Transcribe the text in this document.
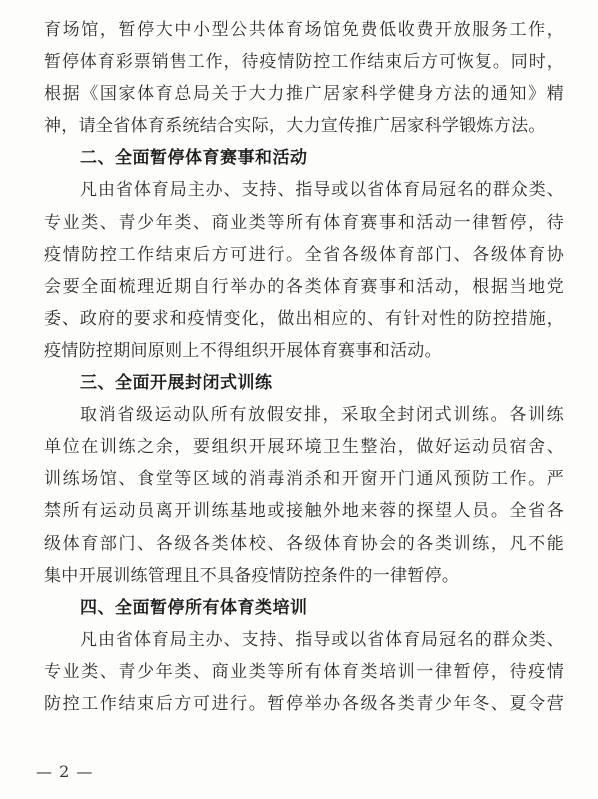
育场馆，暂停大中小型公共体育场馆免费低收费开放服务工作，
暂停体育彩票销售工作，待疫情防控工作结束后方可恢复。同时，
根据《国家体育总局关于大力推广居家科学健身方法的通知》精
神，请全省体育系统结合实际，大力宣传推广居家科学锻炼方法。
二、全面暂停体育赛事和活动
凡由省体育局主办、支持、指导或以省体育局冠名的群众类、
专业类、青少年类、商业类等所有体育赛事和活动一律暂停，待
疫情防控工作结束后方可进行。全省各级体育部门、各级体育协
会要全面梳理近期自行举办的各类体育赛事和活动，根据当地党
委、政府的要求和疫情变化，做出相应的、有针对性的防控措施，
疫情防控期间原则上不得组织开展体育赛事和活动。
三、全面开展封闭式训练
取消省级运动队所有放假安排，采取全封闭式训练。各训练
单位在训练之余，要组织开展环境卫生整治，做好运动员宿舍、
训练场馆、食堂等区域的消毒消杀和开窗开门通风预防工作。严
禁所有运动员离开训练基地或接触外地来蓉的探望人员。全省各
级体育部门、各级各类体校、各级体育协会的各类训练，凡不能
集中开展训练管理且不具备疫情防控条件的一律暂停。
四、全面暂停所有体育类培训
凡由省体育局主办、支持、指导或以省体育局冠名的群众类、
专业类、青少年类、商业类等所有体育类培训一律暂停，待疫情
防控工作结束后方可进行。暂停举办各级各类青少年冬、夏令营
— 2 —
